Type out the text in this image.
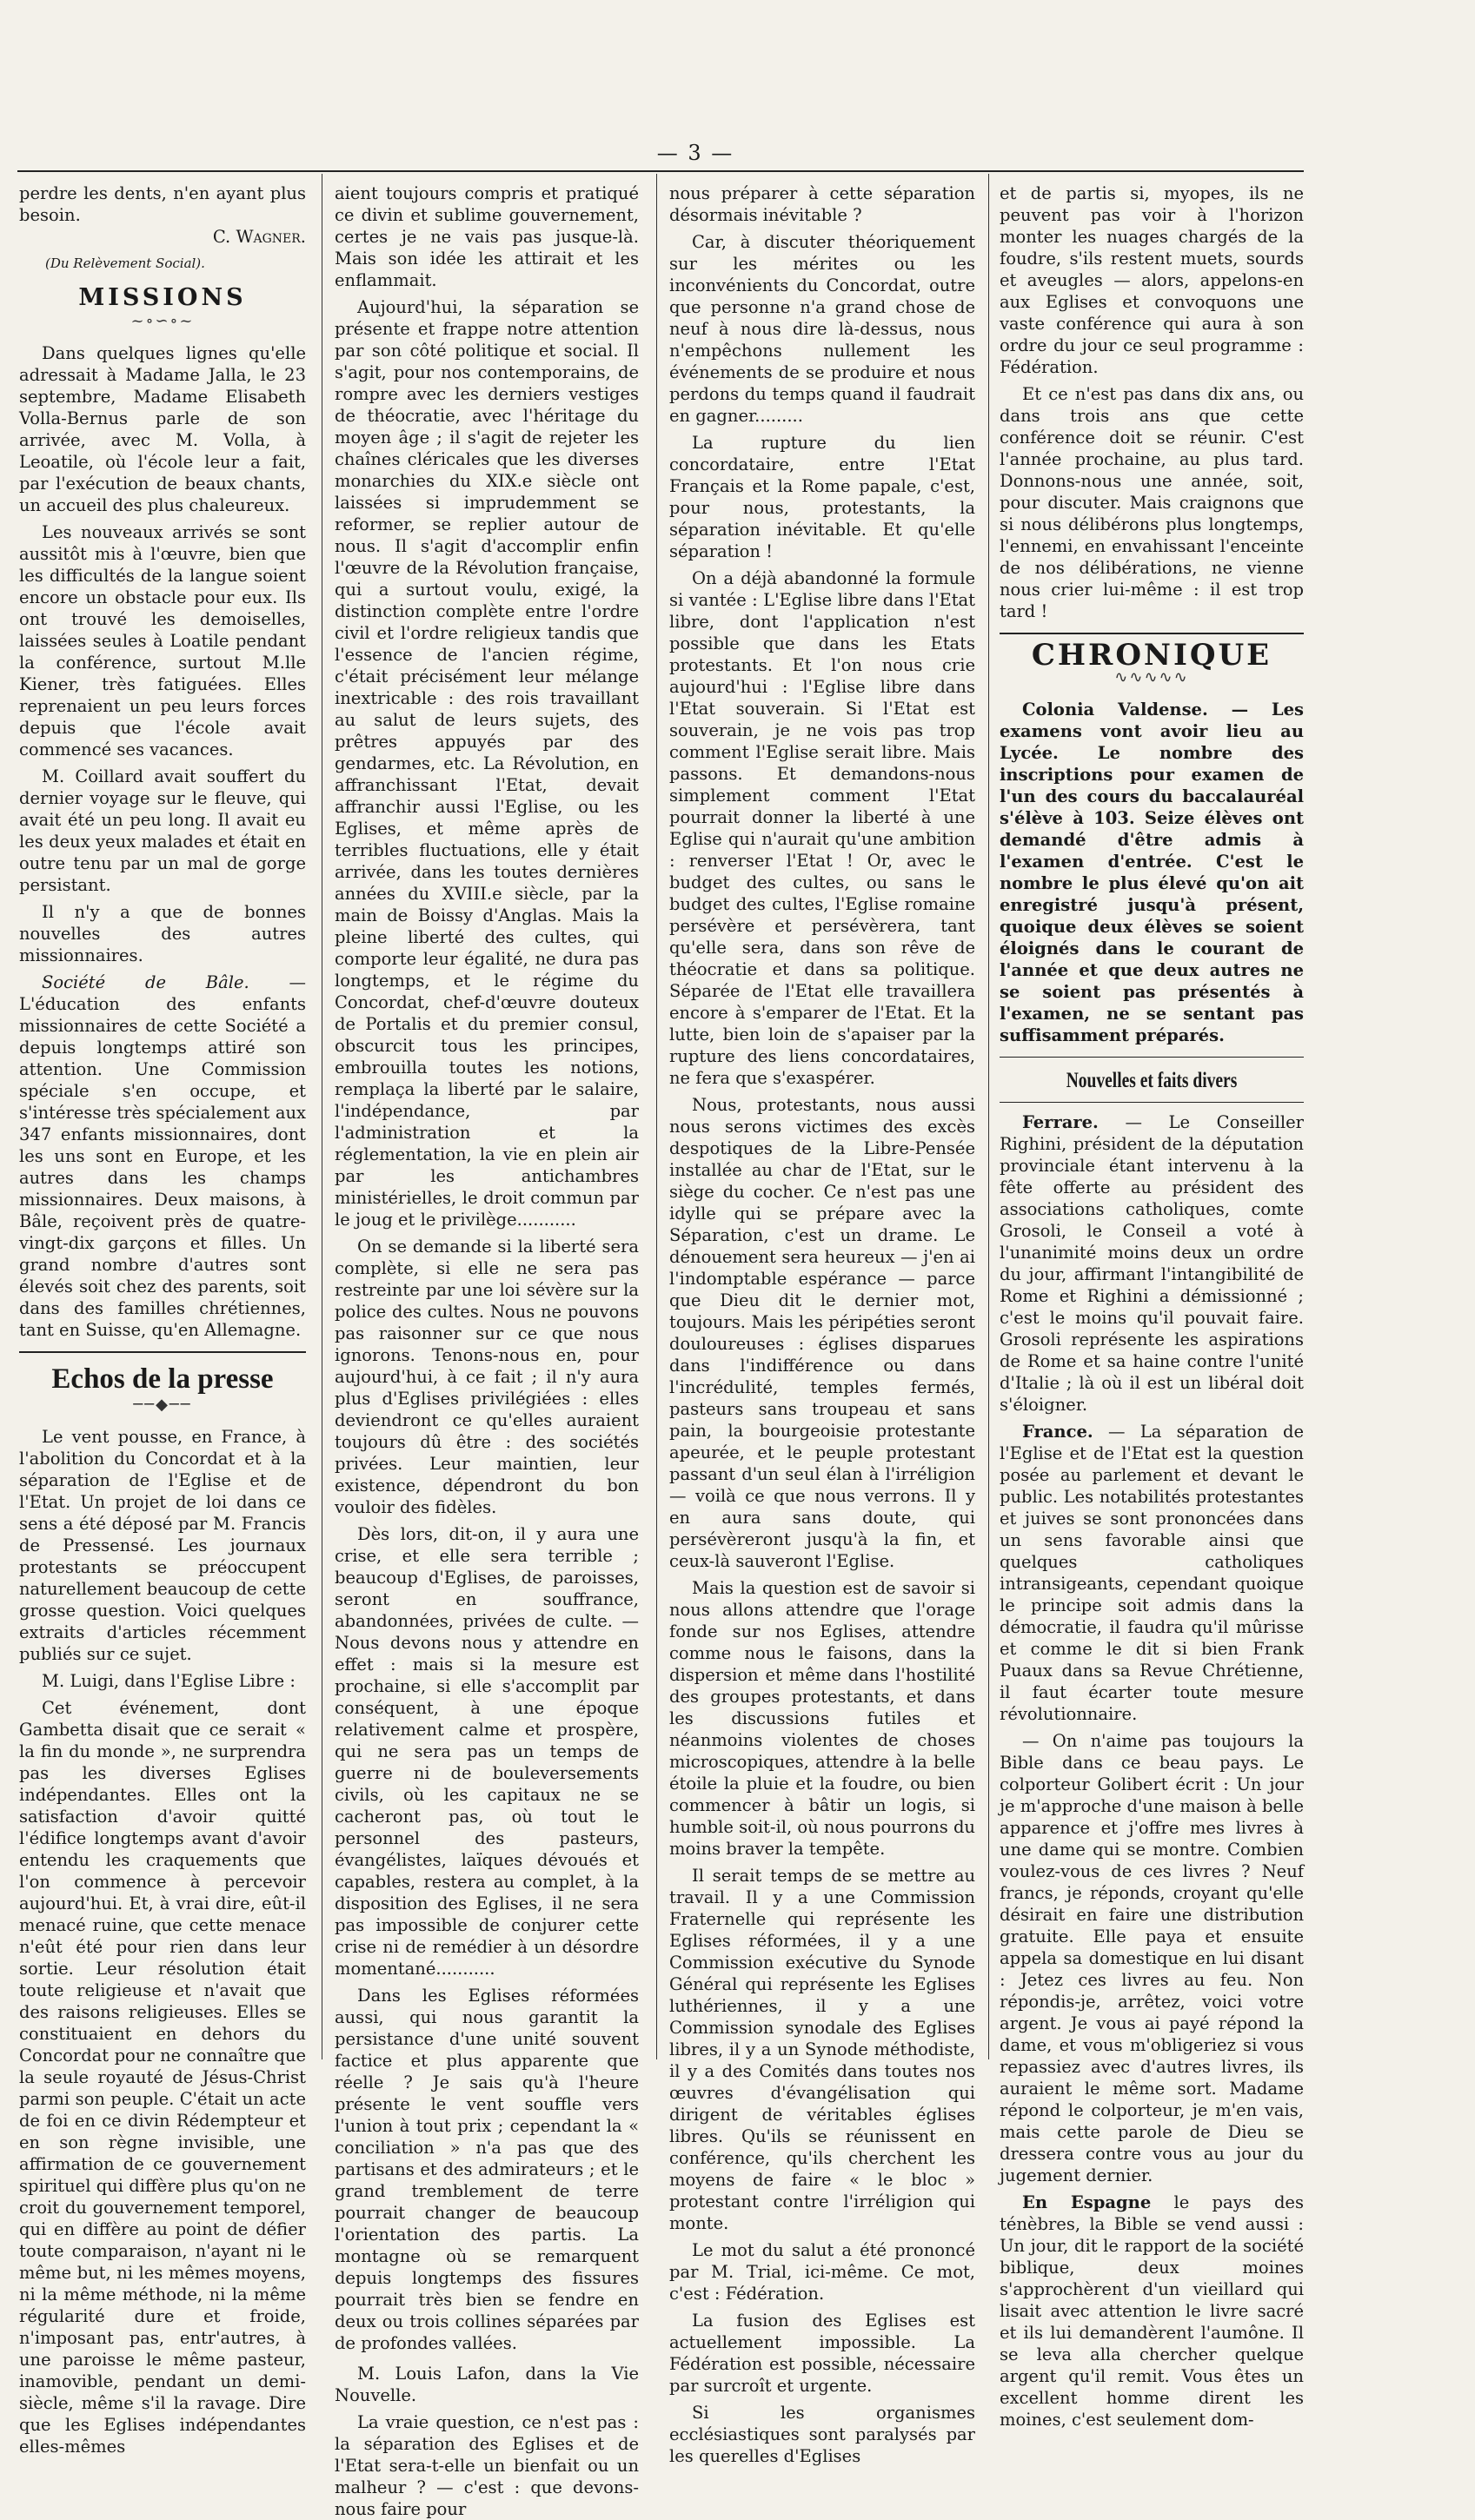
— 3 —

perdre les dents, n'en ayant plus besoin.

C. Wagner.

(Du Relèvement Social).

MISSIONS
~∘∽∘~

Dans quelques lignes qu'elle adressait à Madame Jalla, le 23 septembre, Madame Elisabeth Volla-Bernus parle de son arrivée, avec M. Volla, à Leoatile, où l'école leur a fait, par l'exécution de beaux chants, un accueil des plus chaleureux.

Les nouveaux arrivés se sont aussitôt mis à l'œuvre, bien que les difficultés de la langue soient encore un obstacle pour eux. Ils ont trouvé les demoiselles, laissées seules à Loatile pendant la conférence, surtout M.lle Kiener, très fatiguées. Elles reprenaient un peu leurs forces depuis que l'école avait commencé ses vacances.

M. Coillard avait souffert du dernier voyage sur le fleuve, qui avait été un peu long. Il avait eu les deux yeux malades et était en outre tenu par un mal de gorge persistant.

Il n'y a que de bonnes nouvelles des autres missionnaires.

Société de Bâle. — L'éducation des enfants missionnaires de cette Société a depuis longtemps attiré son attention. Une Commission spéciale s'en occupe, et s'intéresse très spécialement aux 347 enfants missionnaires, dont les uns sont en Europe, et les autres dans les champs missionnaires. Deux maisons, à Bâle, reçoivent près de quatre-vingt-dix garçons et filles. Un grand nombre d'autres sont élevés soit chez des parents, soit dans des familles chrétiennes, tant en Suisse, qu'en Allemagne.

Echos de la presse
──◆──

Le vent pousse, en France, à l'abolition du Concordat et à la séparation de l'Eglise et de l'Etat. Un projet de loi dans ce sens a été déposé par M. Francis de Pressensé. Les journaux protestants se préoccupent naturellement beaucoup de cette grosse question. Voici quelques extraits d'articles récemment publiés sur ce sujet.

M. Luigi, dans l'Eglise Libre :

Cet événement, dont Gambetta disait que ce serait « la fin du monde », ne surprendra pas les diverses Eglises indépendantes. Elles ont la satisfaction d'avoir quitté l'édifice longtemps avant d'avoir entendu les craquements que l'on commence à percevoir aujourd'hui. Et, à vrai dire, eût-il menacé ruine, que cette menace n'eût été pour rien dans leur sortie. Leur résolution était toute religieuse et n'avait que des raisons religieuses. Elles se constituaient en dehors du Concordat pour ne connaître que la seule royauté de Jésus-Christ parmi son peuple. C'était un acte de foi en ce divin Rédempteur et en son règne invisible, une affirmation de ce gouvernement spirituel qui diffère plus qu'on ne croit du gouvernement temporel, qui en diffère au point de défier toute comparaison, n'ayant ni le même but, ni les mêmes moyens, ni la même méthode, ni la même régularité dure et froide, n'imposant pas, entr'autres, à une paroisse le même pasteur, inamovible, pendant un demi-siècle, même s'il la ravage. Dire que les Eglises indépendantes elles-mêmes

aient toujours compris et pratiqué ce divin et sublime gouvernement, certes je ne vais pas jusque-là. Mais son idée les attirait et les enflammait.

Aujourd'hui, la séparation se présente et frappe notre attention par son côté politique et social. Il s'agit, pour nos contemporains, de rompre avec les derniers vestiges de théocratie, avec l'héritage du moyen âge ; il s'agit de rejeter les chaînes cléricales que les diverses monarchies du XIX.e siècle ont laissées si imprudemment se reformer, se replier autour de nous. Il s'agit d'accomplir enfin l'œuvre de la Révolution française, qui a surtout voulu, exigé, la distinction complète entre l'ordre civil et l'ordre religieux tandis que l'essence de l'ancien régime, c'était précisément leur mélange inextricable : des rois travaillant au salut de leurs sujets, des prêtres appuyés par des gendarmes, etc. La Révolution, en affranchissant l'Etat, devait affranchir aussi l'Eglise, ou les Eglises, et même après de terribles fluctuations, elle y était arrivée, dans les toutes dernières années du XVIII.e siècle, par la main de Boissy d'Anglas. Mais la pleine liberté des cultes, qui comporte leur égalité, ne dura pas longtemps, et le régime du Concordat, chef-d'œuvre douteux de Portalis et du premier consul, obscurcit tous les principes, embrouilla toutes les notions, remplaça la liberté par le salaire, l'indépendance, par l'administration et la réglementation, la vie en plein air par les antichambres ministérielles, le droit commun par le joug et le privilège...........

On se demande si la liberté sera complète, si elle ne sera pas restreinte par une loi sévère sur la police des cultes. Nous ne pouvons pas raisonner sur ce que nous ignorons. Tenons-nous en, pour aujourd'hui, à ce fait ; il n'y aura plus d'Eglises privilégiées : elles deviendront ce qu'elles auraient toujours dû être : des sociétés privées. Leur maintien, leur existence, dépendront du bon vouloir des fidèles.

Dès lors, dit-on, il y aura une crise, et elle sera terrible ; beaucoup d'Eglises, de paroisses, seront en souffrance, abandonnées, privées de culte. — Nous devons nous y attendre en effet : mais si la mesure est prochaine, si elle s'accomplit par conséquent, à une époque relativement calme et prospère, qui ne sera pas un temps de guerre ni de bouleversements civils, où les capitaux ne se cacheront pas, où tout le personnel des pasteurs, évangélistes, laïques dévoués et capables, restera au complet, à la disposition des Eglises, il ne sera pas impossible de conjurer cette crise ni de remédier à un désordre momentané...........

Dans les Eglises réformées aussi, qui nous garantit la persistance d'une unité souvent factice et plus apparente que réelle ? Je sais qu'à l'heure présente le vent souffle vers l'union à tout prix ; cependant la « conciliation » n'a pas que des partisans et des admirateurs ; et le grand tremblement de terre pourrait changer de beaucoup l'orientation des partis. La montagne où se remarquent depuis longtemps des fissures pourrait très bien se fendre en deux ou trois collines séparées par de profondes vallées.

M. Louis Lafon, dans la Vie Nouvelle.

La vraie question, ce n'est pas : la séparation des Eglises et de l'Etat sera-t-elle un bienfait ou un malheur ? — c'est : que devons-nous faire pour

nous préparer à cette séparation désormais inévitable ?

Car, à discuter théoriquement sur les mérites ou les inconvénients du Concordat, outre que personne n'a grand chose de neuf à nous dire là-dessus, nous n'empêchons nullement les événements de se produire et nous perdons du temps quand il faudrait en gagner.........

La rupture du lien concordataire, entre l'Etat Français et la Rome papale, c'est, pour nous, protestants, la séparation inévitable. Et qu'elle séparation !

On a déjà abandonné la formule si vantée : L'Eglise libre dans l'Etat libre, dont l'application n'est possible que dans les Etats protestants. Et l'on nous crie aujourd'hui : l'Eglise libre dans l'Etat souverain. Si l'Etat est souverain, je ne vois pas trop comment l'Eglise serait libre. Mais passons. Et demandons-nous simplement comment l'Etat pourrait donner la liberté à une Eglise qui n'aurait qu'une ambition : renverser l'Etat ! Or, avec le budget des cultes, ou sans le budget des cultes, l'Eglise romaine persévère et persévèrera, tant qu'elle sera, dans son rêve de théocratie et dans sa politique. Séparée de l'Etat elle travaillera encore à s'emparer de l'Etat. Et la lutte, bien loin de s'apaiser par la rupture des liens concordataires, ne fera que s'exaspérer.

Nous, protestants, nous aussi nous serons victimes des excès despotiques de la Libre-Pensée installée au char de l'Etat, sur le siège du cocher. Ce n'est pas une idylle qui se prépare avec la Séparation, c'est un drame. Le dénouement sera heureux — j'en ai l'indomptable espérance — parce que Dieu dit le dernier mot, toujours. Mais les péripéties seront douloureuses : églises disparues dans l'indifférence ou dans l'incrédulité, temples fermés, pasteurs sans troupeau et sans pain, la bourgeoisie protestante apeurée, et le peuple protestant passant d'un seul élan à l'irréligion — voilà ce que nous verrons. Il y en aura sans doute, qui persévèreront jusqu'à la fin, et ceux-là sauveront l'Eglise.

Mais la question est de savoir si nous allons attendre que l'orage fonde sur nos Eglises, attendre comme nous le faisons, dans la dispersion et même dans l'hostilité des groupes protestants, et dans les discussions futiles et néanmoins violentes de choses microscopiques, attendre à la belle étoile la pluie et la foudre, ou bien commencer à bâtir un logis, si humble soit-il, où nous pourrons du moins braver la tempête.

Il serait temps de se mettre au travail. Il y a une Commission Fraternelle qui représente les Eglises réformées, il y a une Commission exécutive du Synode Général qui représente les Eglises luthériennes, il y a une Commission synodale des Eglises libres, il y a un Synode méthodiste, il y a des Comités dans toutes nos œuvres d'évangélisation qui dirigent de véritables églises libres. Qu'ils se réunissent en conférence, qu'ils cherchent les moyens de faire « le bloc » protestant contre l'irréligion qui monte.

Le mot du salut a été prononcé par M. Trial, ici-même. Ce mot, c'est : Fédération.

La fusion des Eglises est actuellement impossible. La Fédération est possible, nécessaire par surcroît et urgente.

Si les organismes ecclésiastiques sont paralysés par les querelles d'Eglises

et de partis si, myopes, ils ne peuvent pas voir à l'horizon monter les nuages chargés de la foudre, s'ils restent muets, sourds et aveugles — alors, appelons-en aux Eglises et convoquons une vaste conférence qui aura à son ordre du jour ce seul programme : Fédération.

Et ce n'est pas dans dix ans, ou dans trois ans que cette conférence doit se réunir. C'est l'année prochaine, au plus tard. Donnons-nous une année, soit, pour discuter. Mais craignons que si nous délibérons plus longtemps, l'ennemi, en envahissant l'enceinte de nos délibérations, ne vienne nous crier lui-même : il est trop tard !

CHRONIQUE
∿∿∿∿∿

Colonia Valdense. — Les examens vont avoir lieu au Lycée. Le nombre des inscriptions pour examen de l'un des cours du baccalauréal s'élève à 103. Seize élèves ont demandé d'être admis à l'examen d'entrée. C'est le nombre le plus élevé qu'on ait enregistré jusqu'à présent, quoique deux élèves se soient éloignés dans le courant de l'année et que deux autres ne se soient pas présentés à l'examen, ne se sentant pas suffisamment préparés.

Nouvelles et faits divers

Ferrare. — Le Conseiller Righini, président de la députation provinciale étant intervenu à la fête offerte au président des associations catholiques, comte Grosoli, le Conseil a voté à l'unanimité moins deux un ordre du jour, affirmant l'intangibilité de Rome et Righini a démissionné ; c'est le moins qu'il pouvait faire. Grosoli représente les aspirations de Rome et sa haine contre l'unité d'Italie ; là où il est un libéral doit s'éloigner.

France. — La séparation de l'Eglise et de l'Etat est la question posée au parlement et devant le public. Les notabilités protestantes et juives se sont prononcées dans un sens favorable ainsi que quelques catholiques intransigeants, cependant quoique le principe soit admis dans la démocratie, il faudra qu'il mûrisse et comme le dit si bien Frank Puaux dans sa Revue Chrétienne, il faut écarter toute mesure révolutionnaire.

— On n'aime pas toujours la Bible dans ce beau pays. Le colporteur Golibert écrit : Un jour je m'approche d'une maison à belle apparence et j'offre mes livres à une dame qui se montre. Combien voulez-vous de ces livres ? Neuf francs, je réponds, croyant qu'elle désirait en faire une distribution gratuite. Elle paya et ensuite appela sa domestique en lui disant : Jetez ces livres au feu. Non répondis-je, arrêtez, voici votre argent. Je vous ai payé répond la dame, et vous m'obligeriez si vous repassiez avec d'autres livres, ils auraient le même sort. Madame répond le colporteur, je m'en vais, mais cette parole de Dieu se dressera contre vous au jour du jugement dernier.

En Espagne le pays des ténèbres, la Bible se vend aussi : Un jour, dit le rapport de la société biblique, deux moines s'approchèrent d'un vieillard qui lisait avec attention le livre sacré et ils lui demandèrent l'aumône. Il se leva alla chercher quelque argent qu'il remit. Vous êtes un excellent homme dirent les moines, c'est seulement dom-
